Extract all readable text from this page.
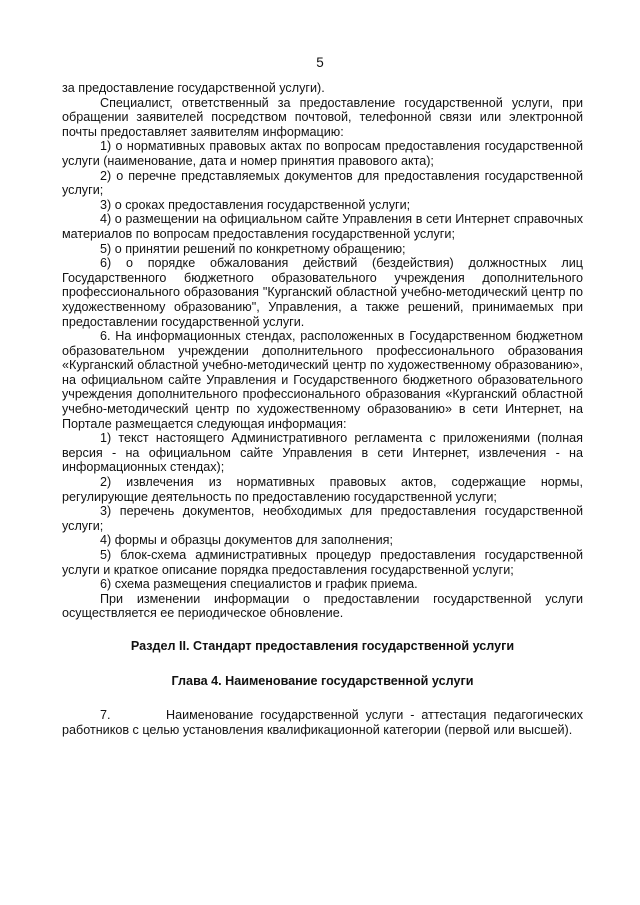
5

за предоставление государственной услуги).

Специалист, ответственный за предоставление государственной услуги, при обращении заявителей посредством почтовой, телефонной связи или электронной почты предоставляет заявителям информацию:

1) о нормативных правовых актах по вопросам предоставления государственной услуги (наименование, дата и номер принятия правового акта);

2) о перечне представляемых документов для предоставления государственной услуги;

3) о сроках предоставления государственной услуги;

4) о размещении на официальном сайте Управления в сети Интернет справочных материалов по вопросам предоставления государственной услуги;

5) о принятии решений по конкретному обращению;

6) о порядке обжалования действий (бездействия) должностных лиц Государственного бюджетного образовательного учреждения дополнительного профессионального образования "Курганский областной учебно-методический центр по художественному образованию", Управления, а также решений, принимаемых при предоставлении государственной услуги.

6. На информационных стендах, расположенных в Государственном бюджетном образовательном учреждении дополнительного профессионального образования «Курганский областной учебно-методический центр по художественному образованию», на официальном сайте Управления и Государственного бюджетного образовательного учреждения дополнительного профессионального образования «Курганский областной учебно-методический центр по художественному образованию» в сети Интернет, на Портале размещается следующая информация:

1) текст настоящего Административного регламента с приложениями (полная версия - на официальном сайте Управления в сети Интернет, извлечения - на информационных стендах);

2) извлечения из нормативных правовых актов, содержащие нормы, регулирующие деятельность по предоставлению государственной услуги;

3) перечень документов, необходимых для предоставления государственной услуги;

4) формы и образцы документов для заполнения;

5) блок-схема административных процедур предоставления государственной услуги и краткое описание порядка предоставления государственной услуги;

6) схема размещения специалистов и график приема.

При изменении информации о предоставлении государственной услуги осуществляется ее периодическое обновление.

Раздел II. Стандарт предоставления государственной услуги

Глава 4. Наименование государственной услуги

7.        Наименование государственной услуги - аттестация педагогических работников с целью установления квалификационной категории (первой или высшей).
